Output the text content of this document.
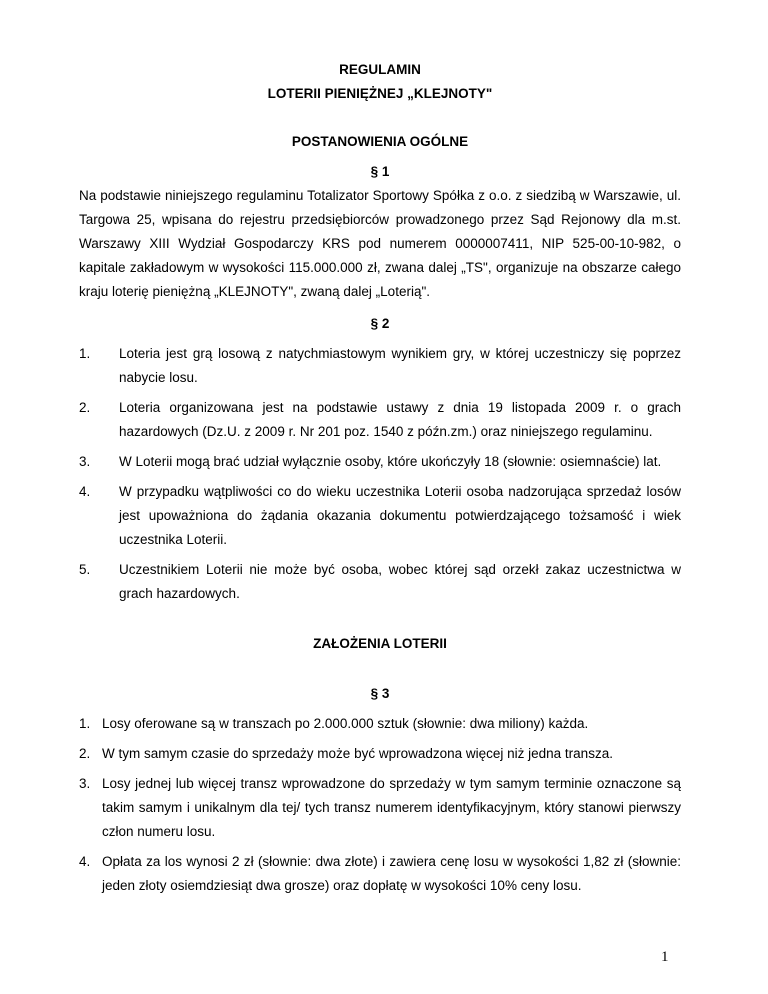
REGULAMIN
LOTERII PIENIĘŻNEJ „KLEJNOTY"
POSTANOWIENIA OGÓLNE
§ 1
Na podstawie niniejszego regulaminu Totalizator Sportowy Spółka z o.o. z siedzibą w Warszawie, ul. Targowa 25, wpisana do rejestru przedsiębiorców prowadzonego przez Sąd Rejonowy dla m.st. Warszawy XIII Wydział Gospodarczy KRS pod numerem 0000007411, NIP 525-00-10-982, o kapitale zakładowym w wysokości 115.000.000 zł, zwana dalej „TS", organizuje na obszarze całego kraju loterię pieniężną „KLEJNOTY", zwaną dalej „Loterią".
§ 2
1. Loteria jest grą losową z natychmiastowym wynikiem gry, w której uczestniczy się poprzez nabycie losu.
2. Loteria organizowana jest na podstawie ustawy z dnia 19 listopada 2009 r. o grach hazardowych (Dz.U. z 2009 r. Nr 201 poz. 1540 z późn.zm.) oraz niniejszego regulaminu.
3. W Loterii mogą brać udział wyłącznie osoby, które ukończyły 18 (słownie: osiemnaście) lat.
4. W przypadku wątpliwości co do wieku uczestnika Loterii osoba nadzorująca sprzedaż losów jest upoważniona do żądania okazania dokumentu potwierdzającego tożsamość i wiek uczestnika Loterii.
5. Uczestnikiem Loterii nie może być osoba, wobec której sąd orzekł zakaz uczestnictwa w grach hazardowych.
ZAŁOŻENIA LOTERII
§ 3
1. Losy oferowane są w transzach po 2.000.000 sztuk (słownie: dwa miliony) każda.
2. W tym samym czasie do sprzedaży może być wprowadzona więcej niż jedna transza.
3. Losy jednej lub więcej transz wprowadzone do sprzedaży w tym samym terminie oznaczone są takim samym i unikalnym dla tej/ tych transz numerem identyfikacyjnym, który stanowi pierwszy człon numeru losu.
4. Opłata za los wynosi 2 zł (słownie: dwa złote) i zawiera cenę losu w wysokości 1,82 zł (słownie: jeden złoty osiemdziesiąt dwa grosze) oraz dopłatę w wysokości 10% ceny losu.
1
